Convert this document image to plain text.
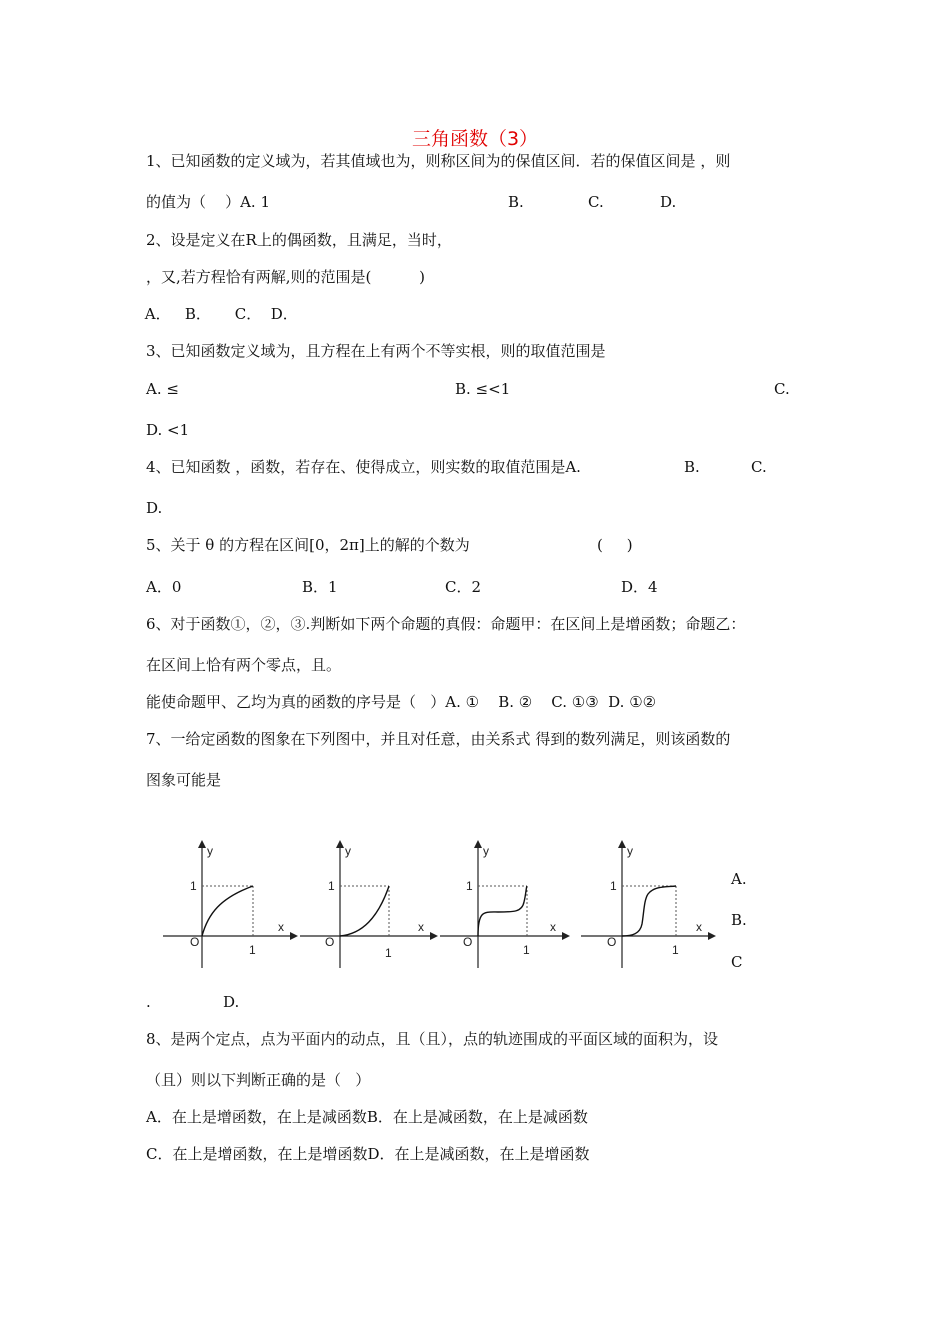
三角函数（3）
1、已知函数的定义域为，若其值域也为，则称区间为的保值区间．若的保值区间是 ，则
的值为（    ）A. 1	B.	C.	D.
2、设是定义在R上的偶函数，且满足，当时，
，又,若方程恰有两解,则的范围是(          )
A．   B．     C．  D．
3、已知函数定义域为，且方程在上有两个不等实根，则的取值范围是
A. ≤	B. ≤<1	C.
D. <1
4、已知函数 ，函数，若存在、使得成立，则实数的取值范围是A.	B.	C.
D.
5、关于 θ 的方程在区间[0，2π]上的解的个数为	(     )
A．0	B．1	C．2	D．4
6、对于函数①，②，③.判断如下两个命题的真假：命题甲：在区间上是增函数；命题乙：
在区间上恰有两个零点，且。
能使命题甲、乙均为真的函数的序号是（   ）A. ①    B. ②    C. ①③  D. ①②
7、一给定函数的图象在下列图中，并且对任意，由关系式 得到的数列满足，则该函数的
图象可能是
y
x
O
1
1
y
x
O
1
1
y
x
O
1
1
y
x
O
1
1	A.
B.
C
.	D.
8、是两个定点，点为平面内的动点，且（且），点的轨迹围成的平面区域的面积为，设
（且）则以下判断正确的是（   ）
A．在上是增函数，在上是减函数B．在上是减函数，在上是减函数
C．在上是增函数，在上是增函数D．在上是减函数，在上是增函数
